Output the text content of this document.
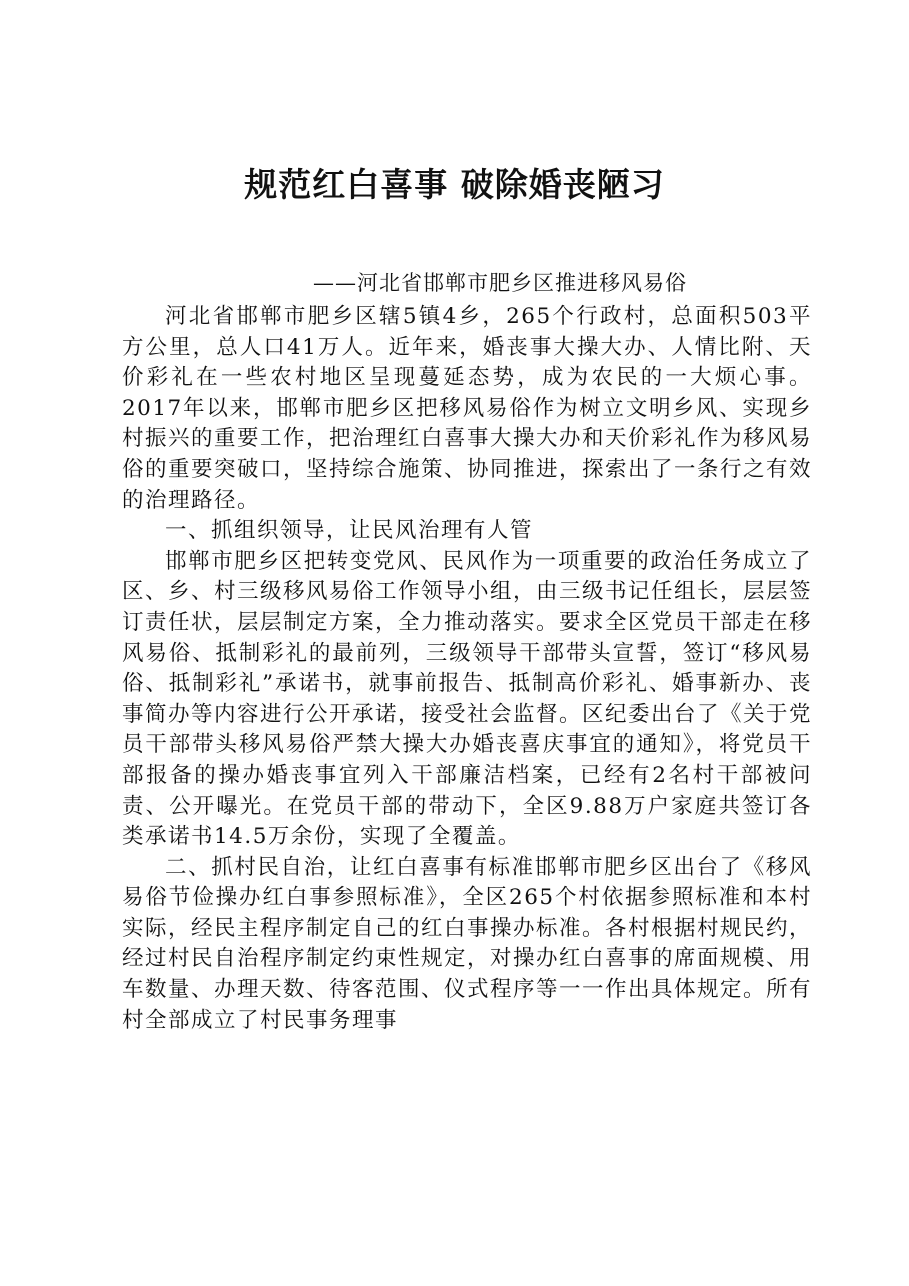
规范红白喜事 破除婚丧陋习
——河北省邯郸市肥乡区推进移风易俗

河北省邯郸市肥乡区辖5镇4乡，265个行政村，总面积503平方公里，总人口41万人。近年来，婚丧事大操大办、人情比附、天价彩礼在一些农村地区呈现蔓延态势，成为农民的一大烦心事。2017年以来，邯郸市肥乡区把移风易俗作为树立文明乡风、实现乡村振兴的重要工作，把治理红白喜事大操大办和天价彩礼作为移风易俗的重要突破口，坚持综合施策、协同推进，探索出了一条行之有效的治理路径。

一、抓组织领导，让民风治理有人管

邯郸市肥乡区把转变党风、民风作为一项重要的政治任务成立了区、乡、村三级移风易俗工作领导小组，由三级书记任组长，层层签订责任状，层层制定方案，全力推动落实。要求全区党员干部走在移风易俗、抵制彩礼的最前列，三级领导干部带头宣誓，签订“移风易俗、抵制彩礼”承诺书，就事前报告、抵制高价彩礼、婚事新办、丧事简办等内容进行公开承诺，接受社会监督。区纪委出台了《关于党员干部带头移风易俗严禁大操大办婚丧喜庆事宜的通知》，将党员干部报备的操办婚丧事宜列入干部廉洁档案，已经有2名村干部被问责、公开曝光。在党员干部的带动下，全区9.88万户家庭共签订各类承诺书14.5万余份，实现了全覆盖。

二、抓村民自治，让红白喜事有标准邯郸市肥乡区出台了《移风易俗节俭操办红白事参照标准》，全区265个村依据参照标准和本村实际，经民主程序制定自己的红白事操办标准。各村根据村规民约，经过村民自治程序制定约束性规定，对操办红白喜事的席面规模、用车数量、办理天数、待客范围、仪式程序等一一作出具体规定。所有村全部成立了村民事务理事
